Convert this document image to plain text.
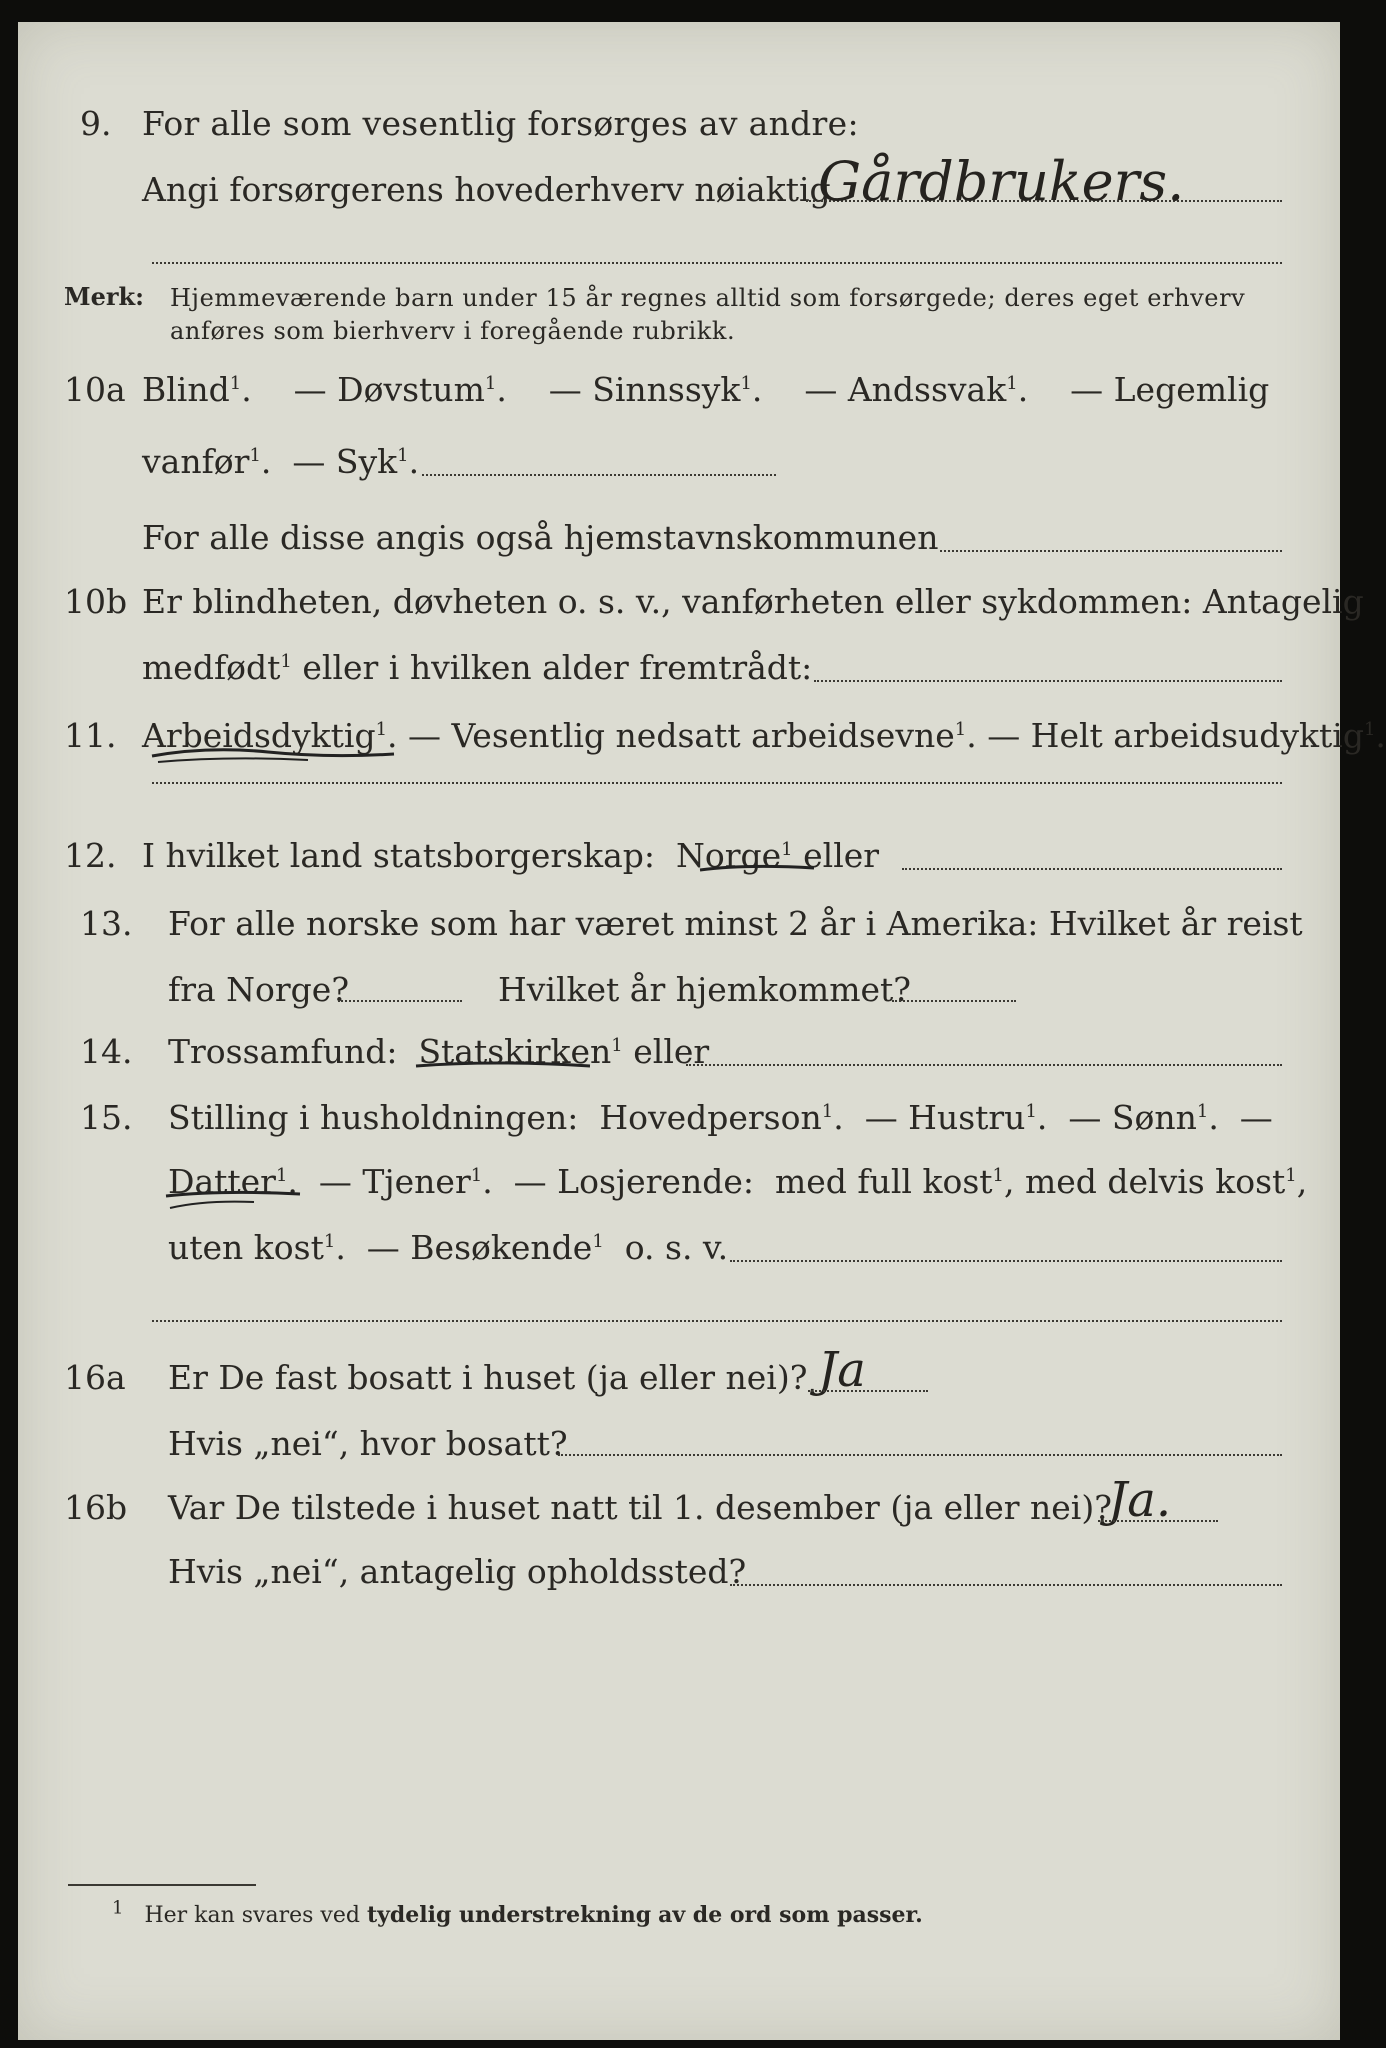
9. For alle som vesentlig forsørges av andre:
Angi forsørgerens hovederhverv nøiaktig
Gårdbrukers.
Merk: Hjemmeværende barn under 15 år regnes alltid som forsørgede; deres eget erhverv
anføres som bierhverv i foregående rubrikk.
10a Blind$^1$.    — Døvstum$^1$.    — Sinnssyk$^1$.    — Andssvak$^1$.    — Legemlig
vanfør$^1$.  — Syk$^1$.
For alle disse angis også hjemstavnskommunen
10b Er blindheten, døvheten o. s. v., vanførheten eller sykdommen: Antagelig
medfødt$^1$ eller i hvilken alder fremtrådt:
11. Arbeidsdyktig$^1$. — Vesentlig nedsatt arbeidsevne$^1$. — Helt arbeidsudyktig$^1$.
12. I hvilket land statsborgerskap: Norge$^1$ eller
13. For alle norske som har været minst 2 år i Amerika: Hvilket år reist
fra Norge?	Hvilket år hjemkommet?
14. Trossamfund: Statskirken$^1$ eller
15. Stilling i husholdningen: Hovedperson$^1$.  — Hustru$^1$.  — Sønn$^1$.  —
Datter$^1$.  — Tjener$^1$.  — Losjerende: med full kost$^1$, med delvis kost$^1$,
uten kost$^1$.  — Besøkende$^1$ o. s. v.
16a Er De fast bosatt i huset (ja eller nei)? Ja
Hvis „nei“, hvor bosatt?
16b Var De tilstede i huset natt til 1. desember (ja eller nei)?
Ja.
Hvis „nei“, antagelig opholdssted?
$^1$ Her kan svares ved tydelig understrekning av de ord som passer.
